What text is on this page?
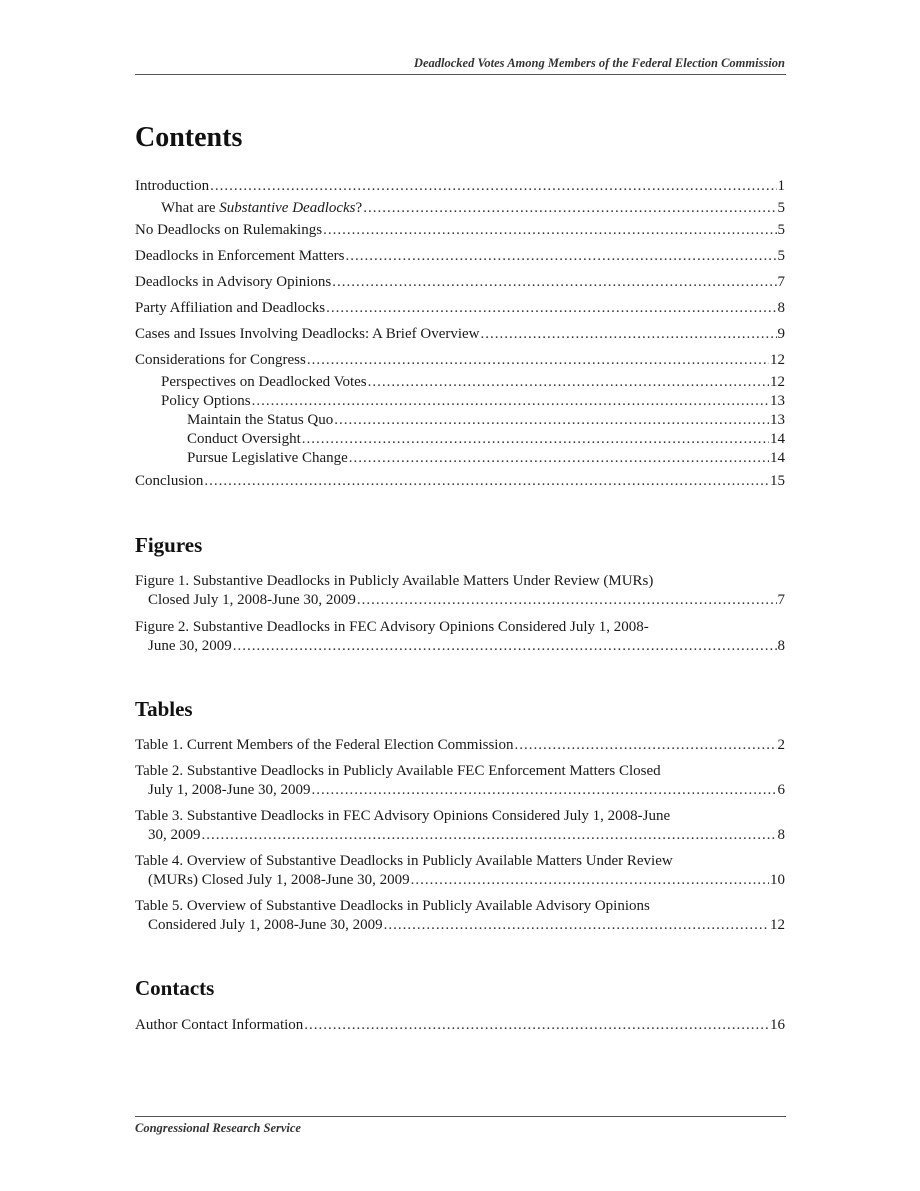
Deadlocked Votes Among Members of the Federal Election Commission
Contents
Introduction .....	1
What are Substantive Deadlocks? .....	5
No Deadlocks on Rulemakings .....	5
Deadlocks in Enforcement Matters .....	5
Deadlocks in Advisory Opinions .....	7
Party Affiliation and Deadlocks .....	8
Cases and Issues Involving Deadlocks: A Brief Overview .....	9
Considerations for Congress .....	12
Perspectives on Deadlocked Votes .....	12
Policy Options .....	13
Maintain the Status Quo .....	13
Conduct Oversight .....	14
Pursue Legislative Change .....	14
Conclusion .....	15
Figures
Figure 1. Substantive Deadlocks in Publicly Available Matters Under Review (MURs)
Closed July 1, 2008-June 30, 2009 .....	7
Figure 2. Substantive Deadlocks in FEC Advisory Opinions Considered July 1, 2008-
June 30, 2009 .....	8
Tables
Table 1. Current Members of the Federal Election Commission .....	2
Table 2. Substantive Deadlocks in Publicly Available FEC Enforcement Matters Closed
July 1, 2008-June 30, 2009 .....	6
Table 3. Substantive Deadlocks in FEC Advisory Opinions Considered July 1, 2008-June
30, 2009 .....	8
Table 4. Overview of Substantive Deadlocks in Publicly Available Matters Under Review
(MURs) Closed July 1, 2008-June 30, 2009 .....	10
Table 5. Overview of Substantive Deadlocks in Publicly Available Advisory Opinions
Considered July 1, 2008-June 30, 2009 .....	12
Contacts
Author Contact Information .....	16
Congressional Research Service
